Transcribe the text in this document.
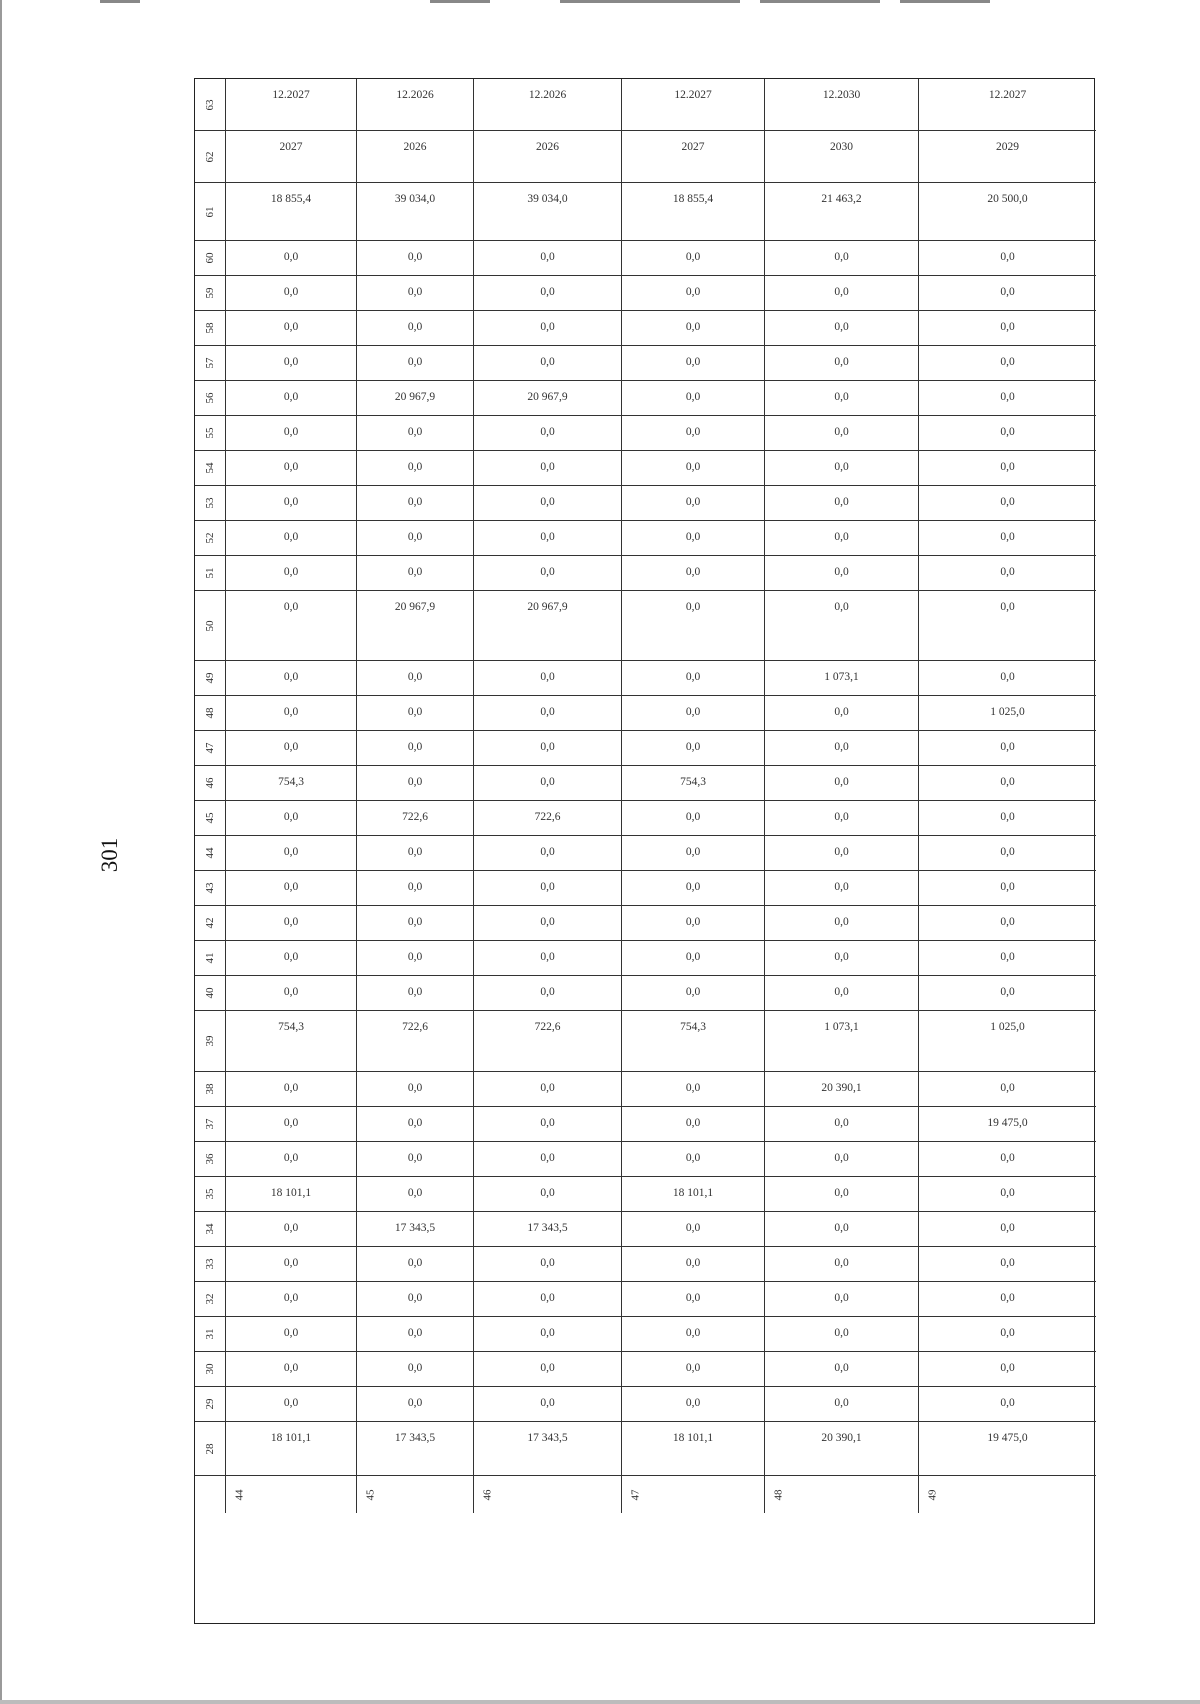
301
63
12.2027	12.2026	12.2026	12.2027	12.2030	12.2027
62
2027	2026	2026	2027	2030	2029
61
18 855,4	39 034,0	39 034,0	18 855,4	21 463,2	20 500,0
60	0,0	0,0	0,0	0,0	0,0	0,0
59	0,0	0,0	0,0	0,0	0,0	0,0
58	0,0	0,0	0,0	0,0	0,0	0,0
57	0,0	0,0	0,0	0,0	0,0	0,0
56	0,0	20 967,9	20 967,9	0,0	0,0	0,0
55	0,0	0,0	0,0	0,0	0,0	0,0
54	0,0	0,0	0,0	0,0	0,0	0,0
53	0,0	0,0	0,0	0,0	0,0	0,0
52	0,0	0,0	0,0	0,0	0,0	0,0
51	0,0	0,0	0,0	0,0	0,0	0,0
50
0,0	20 967,9	20 967,9	0,0	0,0	0,0
49	0,0	0,0	0,0	0,0	1 073,1	0,0
48	0,0	0,0	0,0	0,0	0,0	1 025,0
47	0,0	0,0	0,0	0,0	0,0	0,0
46	754,3	0,0	0,0	754,3	0,0	0,0
45	0,0	722,6	722,6	0,0	0,0	0,0
44	0,0	0,0	0,0	0,0	0,0	0,0
43	0,0	0,0	0,0	0,0	0,0	0,0
42	0,0	0,0	0,0	0,0	0,0	0,0
41	0,0	0,0	0,0	0,0	0,0	0,0
40	0,0	0,0	0,0	0,0	0,0	0,0
39
754,3	722,6	722,6	754,3	1 073,1	1 025,0
38	0,0	0,0	0,0	0,0	20 390,1	0,0
37	0,0	0,0	0,0	0,0	0,0	19 475,0
36	0,0	0,0	0,0	0,0	0,0	0,0
35	18 101,1	0,0	0,0	18 101,1	0,0	0,0
34	0,0	17 343,5	17 343,5	0,0	0,0	0,0
33	0,0	0,0	0,0	0,0	0,0	0,0
32	0,0	0,0	0,0	0,0	0,0	0,0
31	0,0	0,0	0,0	0,0	0,0	0,0
30	0,0	0,0	0,0	0,0	0,0	0,0
29	0,0	0,0	0,0	0,0	0,0	0,0
28
18 101,1	17 343,5	17 343,5	18 101,1	20 390,1	19 475,0
44	45	46	47	48	49
